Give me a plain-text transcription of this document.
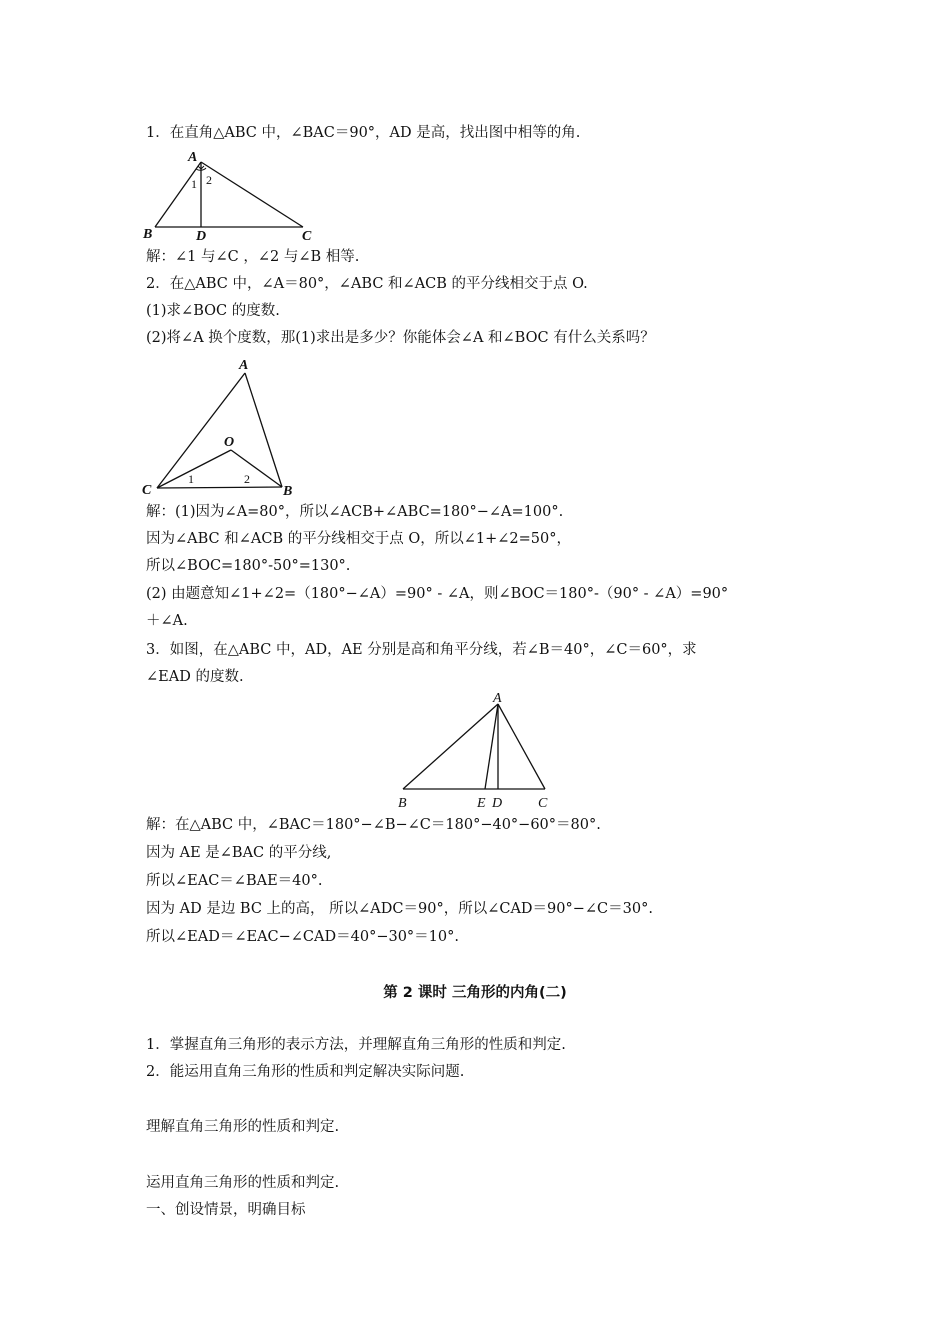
1．在直角△ABC 中，∠BAC＝90°，AD 是高，找出图中相等的角.
A
B	C
D
1 2
解：∠1 与∠C ，∠2 与∠B 相等.
2．在△ABC 中，∠A＝80°，∠ABC 和∠ACB 的平分线相交于点 O.
(1)求∠BOC 的度数.
(2)将∠A 换个度数，那(1)求出是多少？你能体会∠A 和∠BOC 有什么关系吗？
A
O
C	B
1	2
解：(1)因为∠A=80°，所以∠ACB+∠ABC=180°−∠A=100°.
因为∠ABC 和∠ACB 的平分线相交于点 O，所以∠1+∠2=50°，
所以∠BOC=180°-50°=130°.
(2) 由题意知∠1+∠2=（180°−∠A）=90° - ∠A，则∠BOC＝180°-（90° - ∠A）=90°
＋∠A.
3．如图，在△ABC 中，AD，AE 分别是高和角平分线，若∠B＝40°，∠C＝60°，求
∠EAD 的度数.
A
B	E D	C
解：在△ABC 中，∠BAC＝180°−∠B−∠C＝180°−40°−60°＝80°.
因为 AE 是∠BAC 的平分线,
所以∠EAC＝∠BAE＝40°.
因为 AD 是边 BC 上的高， 所以∠ADC＝90°，所以∠CAD＝90°−∠C＝30°.
所以∠EAD＝∠EAC−∠CAD＝40°−30°＝10°.
第 2 课时 三角形的内角(二)
1．掌握直角三角形的表示方法，并理解直角三角形的性质和判定.
2．能运用直角三角形的性质和判定解决实际问题.
理解直角三角形的性质和判定.
运用直角三角形的性质和判定.
一、创设情景，明确目标
